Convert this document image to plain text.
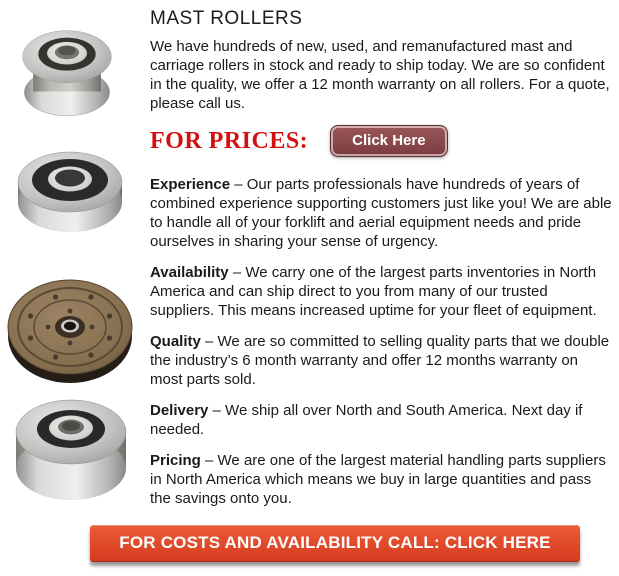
MAST ROLLERS

We have hundreds of new, used, and remanufactured mast and carriage rollers in stock and ready to ship today. We are so confident in the quality, we offer a 12 month warranty on all rollers. For a quote, please call us.

FOR PRICES:	Click Here

Experience – Our parts professionals have hundreds of years of combined experience supporting customers just like you! We are able to handle all of your forklift and aerial equipment needs and pride ourselves in sharing your sense of urgency.

Availability – We carry one of the largest parts inventories in North America and can ship direct to you from many of our trusted suppliers. This means increased uptime for your fleet of equipment.

Quality – We are so committed to selling quality parts that we double the industry’s 6 month warranty and offer 12 months warranty on most parts sold.

Delivery – We ship all over North and South America. Next day if needed.

Pricing – We are one of the largest material handling parts suppliers in North America which means we buy in large quantities and pass the savings onto you.

FOR COSTS AND AVAILABILITY CALL: CLICK HERE
